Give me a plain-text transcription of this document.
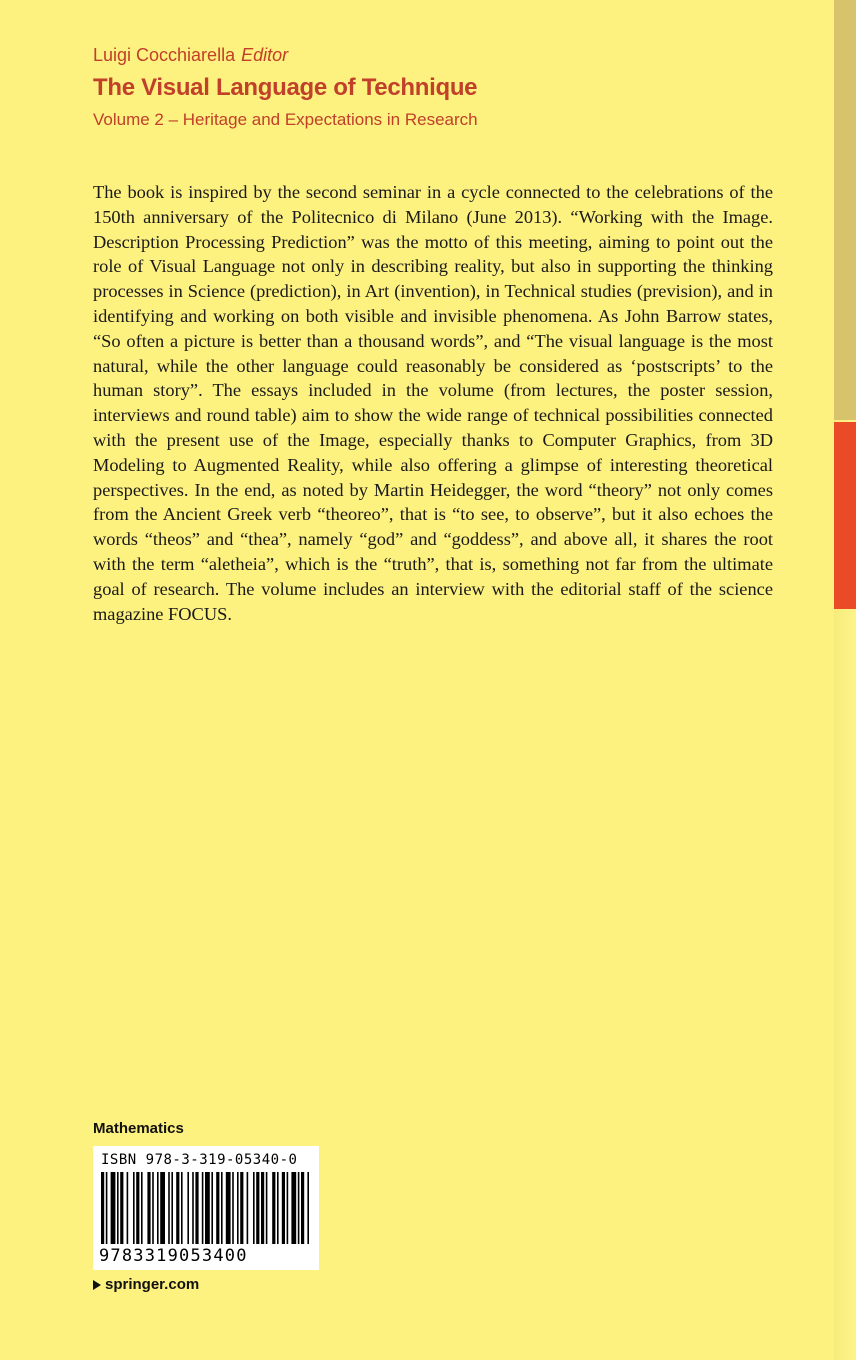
Luigi Cocchiarella Editor
The Visual Language of Technique
Volume 2 – Heritage and Expectations in Research
The book is inspired by the second seminar in a cycle connected to the celebrations of the 150th anniversary of the Politecnico di Milano (June 2013). “Working with the Image. Description Processing Prediction” was the motto of this meeting, aiming to point out the role of Visual Language not only in describing reality, but also in supporting the thinking processes in Science (prediction), in Art (invention), in Technical studies (prevision), and in identifying and working on both visible and invisible phenomena. As John Barrow states, “So often a picture is better than a thousand words”, and “The visual language is the most natural, while the other language could reasonably be considered as ‘postscripts’ to the human story”. The essays included in the volume (from lectures, the poster session, interviews and round table) aim to show the wide range of technical possibilities connected with the present use of the Image, especially thanks to Computer Graphics, from 3D Modeling to Augmented Reality, while also offering a glimpse of interesting theoretical perspectives. In the end, as noted by Martin Heidegger, the word “theory” not only comes from the Ancient Greek verb “theoreo”, that is “to see, to observe”, but it also echoes the words “theos” and “thea”, namely “god” and “goddess”, and above all, it shares the root with the term “aletheia”, which is the “truth”, that is, something not far from the ultimate goal of research. The volume includes an interview with the editorial staff of the science magazine FOCUS.
Mathematics
ISBN 978-3-319-05340-0
9783319053400
springer.com
